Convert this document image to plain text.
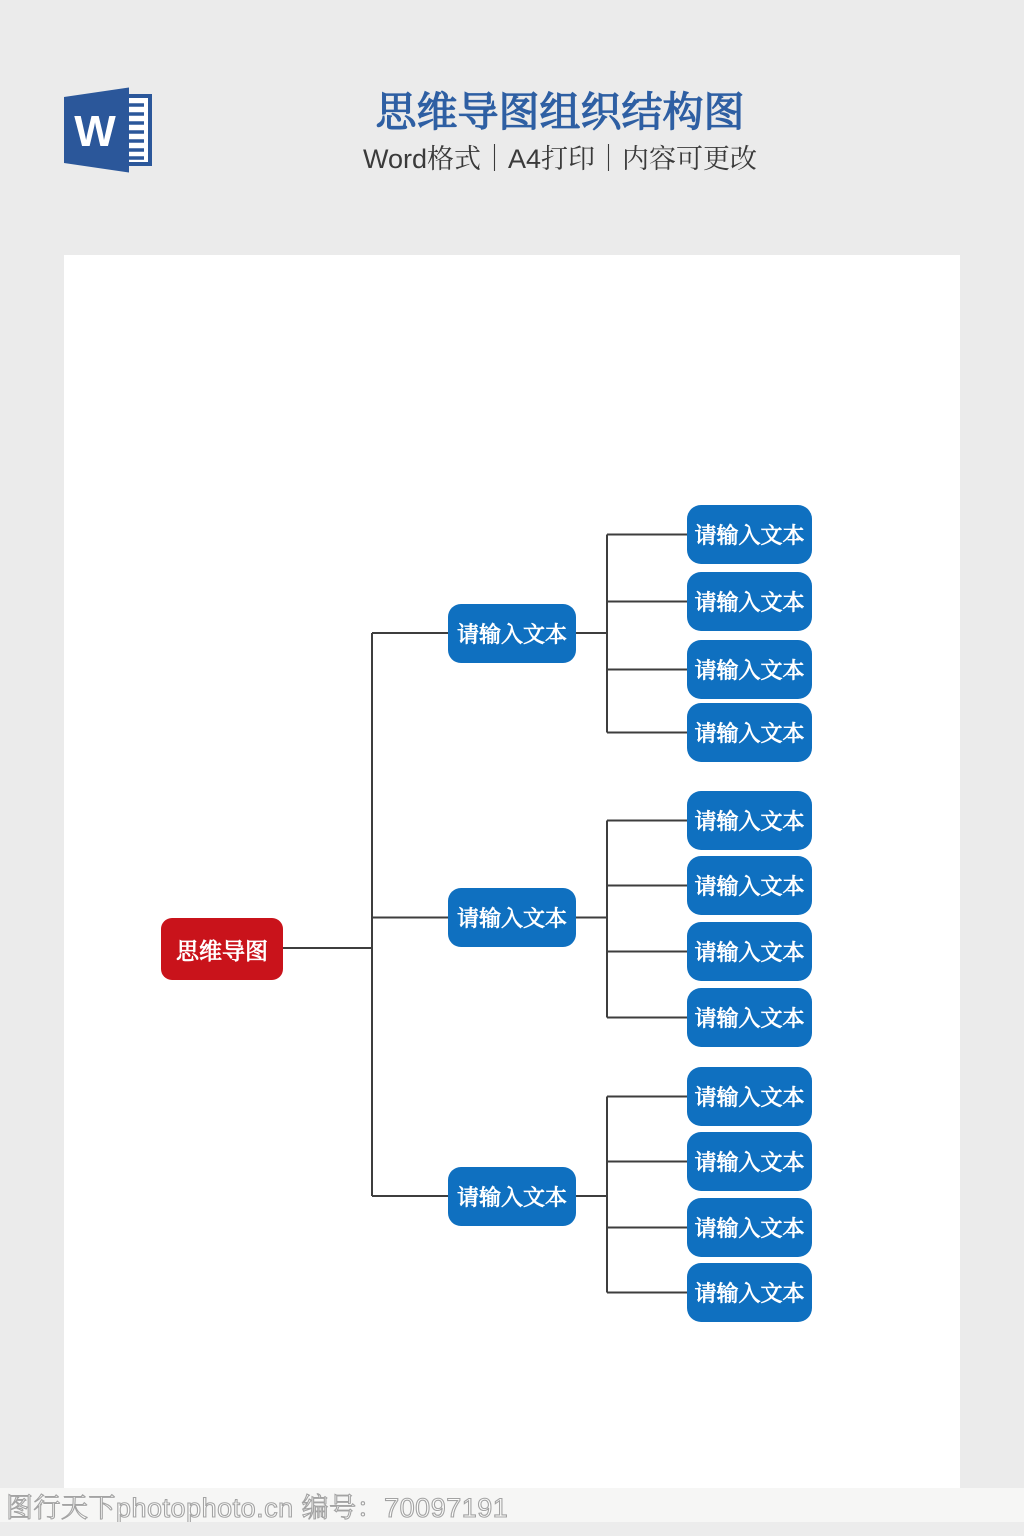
W	思维导图组织结构图
Word格式｜A4打印｜内容可更改
思维导图
请输入文本
请输入文本
请输入文本
请输入文本
请输入文本
请输入文本
请输入文本
请输入文本
请输入文本
请输入文本
请输入文本
请输入文本
请输入文本
请输入文本
请输入文本
图行天下photophoto.cn 编号：70097191
